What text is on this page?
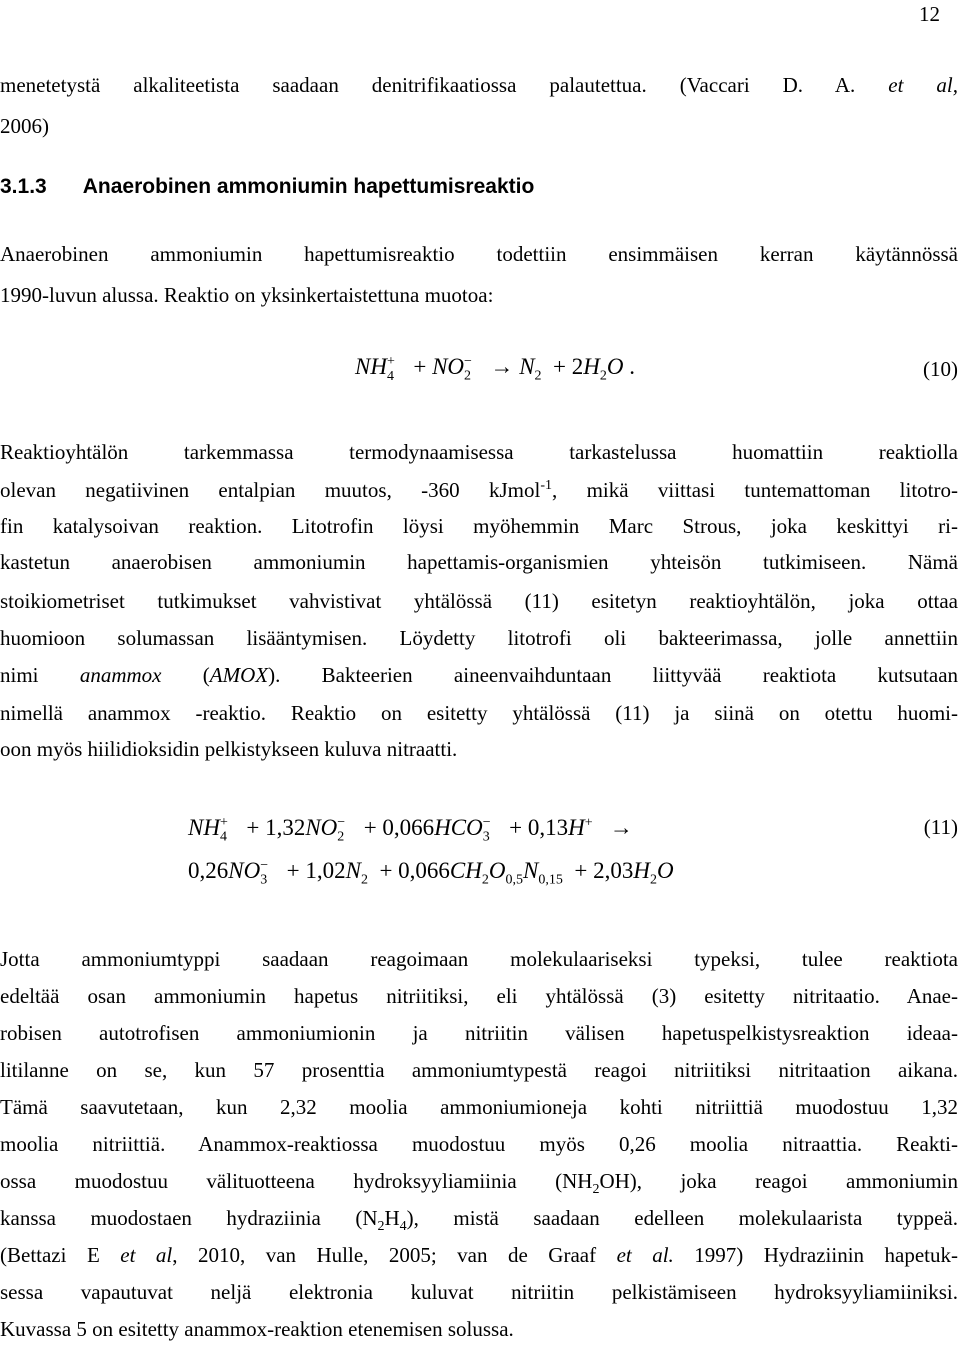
12
menetetystä alkaliteetista saadaan denitrifikaatiossa palautettua. (Vaccari D. A. et al,
2006)
3.1.3 Anaerobinen ammoniumin hapettumisreaktio
Anaerobinen ammoniumin hapettumisreaktio todettiin ensimmäisen kerran käytännössä
1990-luvun alussa. Reaktio on yksinkertaistettuna muotoa:
$NH_4^+ + NO_2^- \to N_2 + 2H_2O$ .	(10)
Reaktioyhtälön tarkemmassa termodynaamisessa tarkastelussa huomattiin reaktiolla
olevan negatiivinen entalpian muutos, -360 kJmol$^{-1}$, mikä viittasi tuntemattoman litotro-
fin katalysoivan reaktion. Litotrofin löysi myöhemmin Marc Strous, joka keskittyi ri-
kastetun anaerobisen ammoniumin hapettamis-organismien yhteisön tutkimiseen. Nämä
stoikiometriset tutkimukset vahvistivat yhtälössä (11) esitetyn reaktioyhtälön, joka ottaa
huomioon solumassan lisääntymisen. Löydetty litotrofi oli bakteerimassa, jolle annettiin
nimi anammox (AMOX). Bakteerien aineenvaihduntaan liittyvää reaktiota kutsutaan
nimellä anammox -reaktio. Reaktio on esitetty yhtälössä (11) ja siinä on otettu huomi-
oon myös hiilidioksidin pelkistykseen kuluva nitraatti.
$NH_4^+ + 1,32NO_2^- + 0,066HCO_3^- + 0,13H^+$   →	(11)
$0,26NO_3^- + 1,02N_2 + 0,066CH_2O_{0,5}N_{0,15} + 2,03H_2O$
Jotta ammoniumtyppi saadaan reagoimaan molekulaariseksi typeksi, tulee reaktiota
edeltää osan ammoniumin hapetus nitriitiksi, eli yhtälössä (3) esitetty nitritaatio. Anae-
robisen autotrofisen ammoniumionin ja nitriitin välisen hapetuspelkistysreaktion ideaa-
litilanne on se, kun 57 prosenttia ammoniumtypestä reagoi nitriitiksi nitritaation aikana.
Tämä saavutetaan, kun 2,32 moolia ammoniumioneja kohti nitriittiä muodostuu 1,32
moolia nitriittiä. Anammox-reaktiossa muodostuu myös 0,26 moolia nitraattia. Reakti-
ossa muodostuu välituotteena hydroksyyliamiinia $(NH_2OH)$, joka reagoi ammoniumin
kanssa muodostaen hydraziinia $(N_2H_4)$, mistä saadaan edelleen molekulaarista typpeä.
(Bettazi E et al, 2010, van Hulle, 2005; van de Graaf et al. 1997) Hydraziinin hapetuk-
sessa vapautuvat neljä elektronia kuluvat nitriitin pelkistämiseen hydroksyyliamiiniksi.
Kuvassa 5 on esitetty anammox-reaktion etenemisen solussa.
